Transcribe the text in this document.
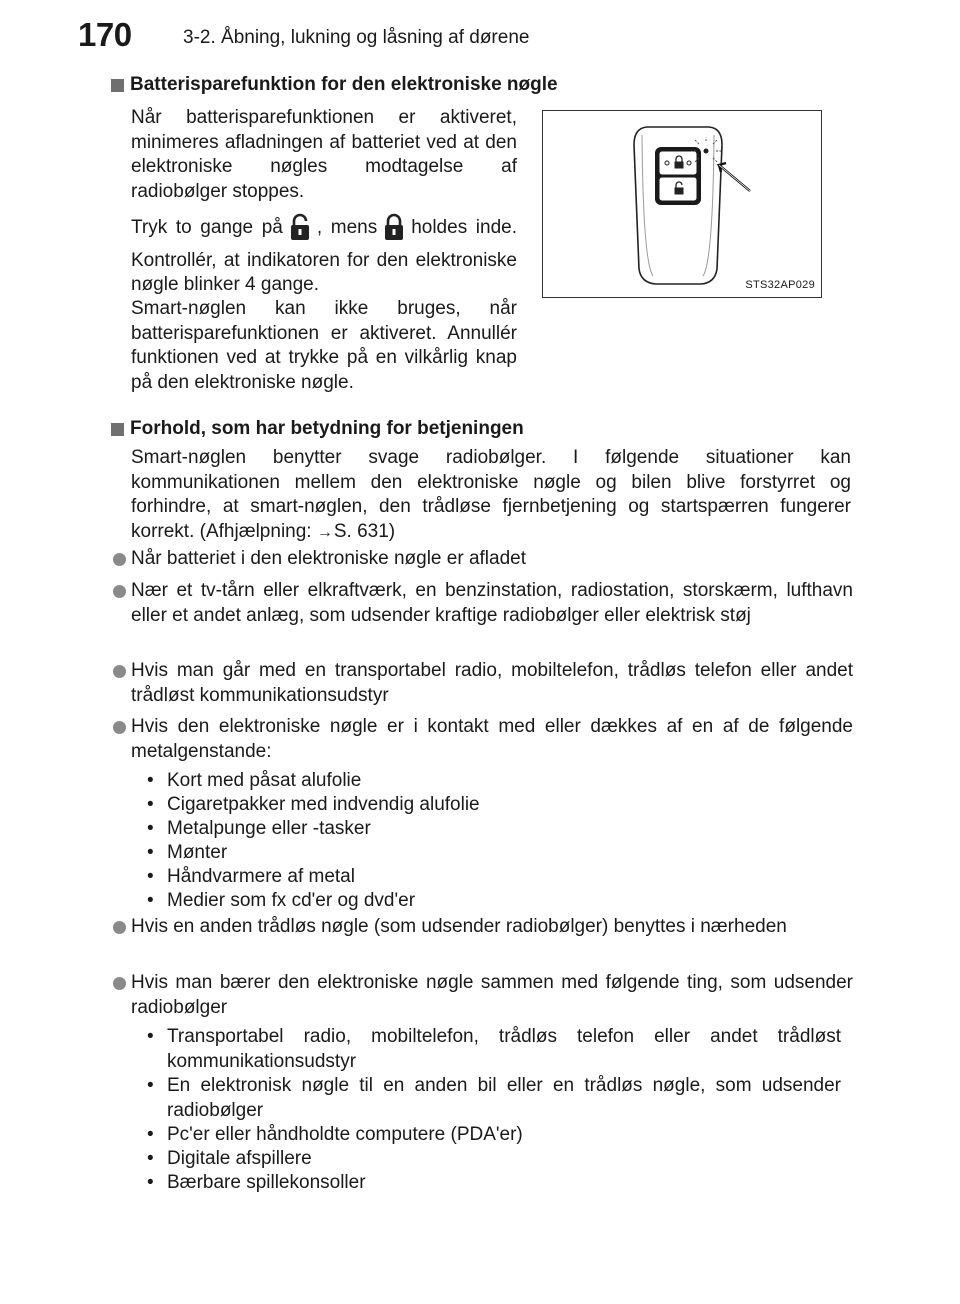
170	3-2. Åbning, lukning og låsning af dørene
Batterisparefunktion for den elektroniske nøgle

Når batterisparefunktionen er aktiveret, minimeres afladningen af batteriet ved at den elektroniske nøgles modtagelse af radiobølger stoppes.

Tryk to gange på , mens holdes inde. Kontrollér, at indikatoren for den elektroniske nøgle blinker 4 gange.

Smart-nøglen kan ikke bruges, når batterisparefunktionen er aktiveret. Annullér funktionen ved at trykke på en vilkårlig knap på den elektroniske nøgle.

STS32AP029
Forhold, som har betydning for betjeningen

Smart-nøglen benytter svage radiobølger. I følgende situationer kan kommunikationen mellem den elektroniske nøgle og bilen blive forstyrret og forhindre, at smart-nøglen, den trådløse fjernbetjening og startspærren fungerer korrekt. (Afhjælpning: →S. 631)

Når batteriet i den elektroniske nøgle er afladet
Nær et tv-tårn eller elkraftværk, en benzinstation, radiostation, storskærm, lufthavn eller et andet anlæg, som udsender kraftige radiobølger eller elektrisk støj
Hvis man går med en transportabel radio, mobiltelefon, trådløs telefon eller andet trådløst kommunikationsudstyr
Hvis den elektroniske nøgle er i kontakt med eller dækkes af en af de følgende metalgenstande:
• Kort med påsat alufolie
• Cigaretpakker med indvendig alufolie
• Metalpunge eller -tasker
• Mønter
• Håndvarmere af metal
• Medier som fx cd'er og dvd'er
Hvis en anden trådløs nøgle (som udsender radiobølger) benyttes i nærheden
Hvis man bærer den elektroniske nøgle sammen med følgende ting, som udsender radiobølger
• Transportabel radio, mobiltelefon, trådløs telefon eller andet trådløst kommunikationsudstyr
• En elektronisk nøgle til en anden bil eller en trådløs nøgle, som udsender radiobølger
• Pc'er eller håndholdte computere (PDA'er)
• Digitale afspillere
• Bærbare spillekonsoller
